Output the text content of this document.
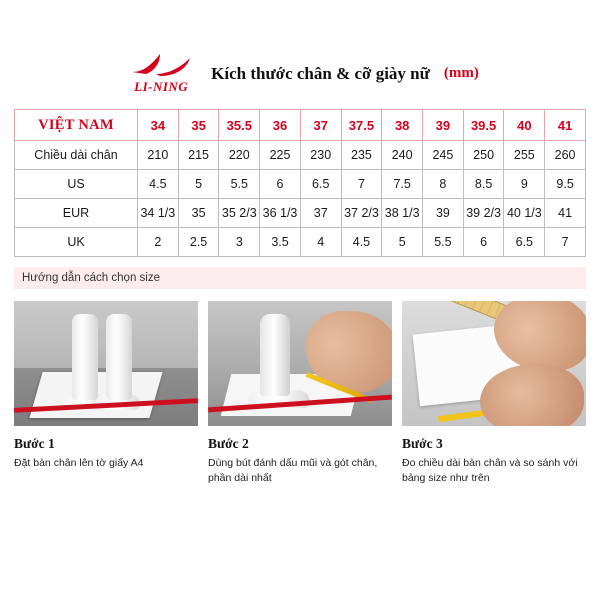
LI-NING
Kích thước chân & cỡ giày nữ (mm)
VIỆT NAM	34	35	35.5	36	37	37.5	38	39	39.5	40	41
Chiều dài chân	210	215	220	225	230	235	240	245	250	255	260
US	4.5	5	5.5	6	6.5	7	7.5	8	8.5	9	9.5
EUR	34 1/3	35	35 2/3	36 1/3	37	37 2/3	38 1/3	39	39 2/3	40 1/3	41
UK	2	2.5	3	3.5	4	4.5	5	5.5	6	6.5	7
Hướng dẫn cách chọn size
Bước 1
Đặt bàn chân lên tờ giấy A4
Bước 2
Dùng bút đánh dấu mũi và gót chân, phần dài nhất
Bước 3
Đo chiều dài bàn chân và so sánh với bảng size như trên
